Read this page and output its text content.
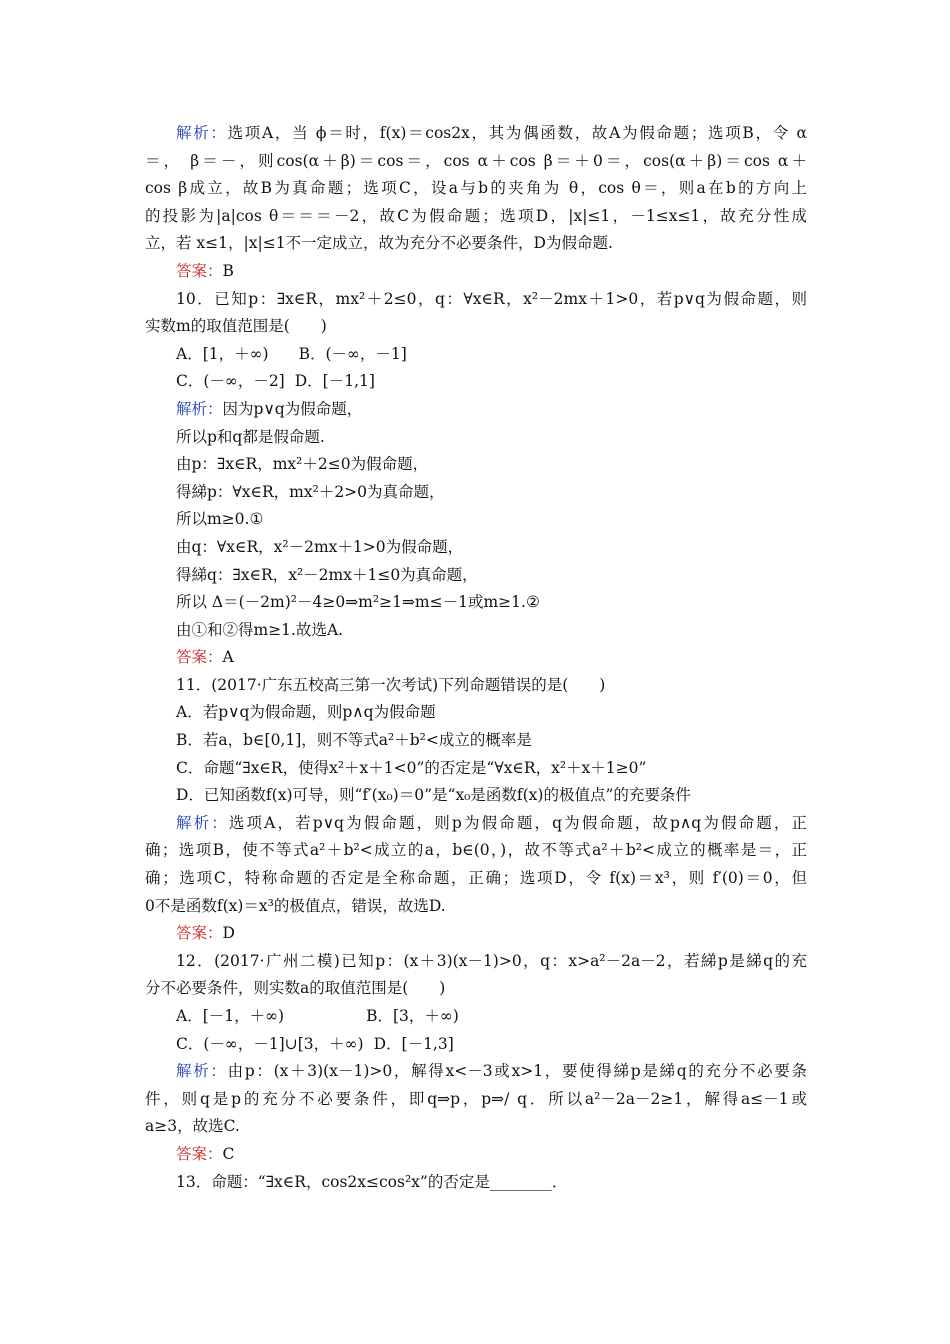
解析：选项A，当 ϕ＝时，f(x)＝cos2x，其为偶函数，故A为假命题；选项B，令 α
＝， β＝－，则cos(α＋β)＝cos＝，cos α＋cos β＝＋0＝，cos(α＋β)＝cos α＋
cos β成立，故B为真命题；选项C，设a与b的夹角为 θ，cos θ＝，则a在b的方向上
的投影为|a|cos θ＝＝＝－2，故C为假命题；选项D，|x|≤1，－1≤x≤1，故充分性成
立，若 x≤1，|x|≤1不一定成立，故为充分不必要条件，D为假命题.
答案：B
10．已知p：∃x∈R，mx²＋2≤0，q：∀x∈R，x²－2mx＋1>0，若p∨q为假命题，则
实数m的取值范围是(　　)
A．[1，＋∞) B．(－∞，－1]
C．(－∞，－2] D．[－1,1]
解析：因为p∨q为假命题，
所以p和q都是假命题.
由p：∃x∈R，mx²＋2≤0为假命题，
得綈p：∀x∈R，mx²＋2>0为真命题，
所以m≥0.①
由q：∀x∈R，x²－2mx＋1>0为假命题，
得綈q：∃x∈R，x²－2mx＋1≤0为真命题，
所以 Δ＝(－2m)²－4≥0⇒m²≥1⇒m≤－1或m≥1.②
由①和②得m≥1.故选A.
答案：A
11．(2017·广东五校高三第一次考试)下列命题错误的是(　　)
A．若p∨q为假命题，则p∧q为假命题
B．若a，b∈[0,1]，则不等式a²＋b²<成立的概率是
C．命题“∃x∈R，使得x²＋x＋1<0”的否定是“∀x∈R，x²＋x＋1≥0”
D．已知函数f(x)可导，则“f′(x₀)＝0”是“x₀是函数f(x)的极值点”的充要条件
解析：选项A，若p∨q为假命题，则p为假命题，q为假命题，故p∧q为假命题，正
确；选项B，使不等式a²＋b²<成立的a，b∈(0，)，故不等式a²＋b²<成立的概率是＝，正
确；选项C，特称命题的否定是全称命题，正确；选项D，令 f(x)＝x³，则 f′(0)＝0，但
0不是函数f(x)＝x³的极值点，错误，故选D.
答案：D
12．(2017·广州二模)已知p：(x＋3)(x－1)>0，q：x>a²－2a－2，若綈p是綈q的充
分不必要条件，则实数a的取值范围是(　　)
A．[－1，＋∞)	B．[3，＋∞)
C．(－∞，－1]∪[3，＋∞) D．[－1,3]
解析：由p：(x＋3)(x－1)>0，解得x<－3或x>1，要使得綈p是綈q的充分不必要条
件，则q是p的充分不必要条件，即q⇒p，p⇒/ q．所以a²－2a－2≥1，解得a≤－1或
a≥3，故选C.
答案：C
13．命题：“∃x∈R，cos2x≤cos²x”的否定是________．
